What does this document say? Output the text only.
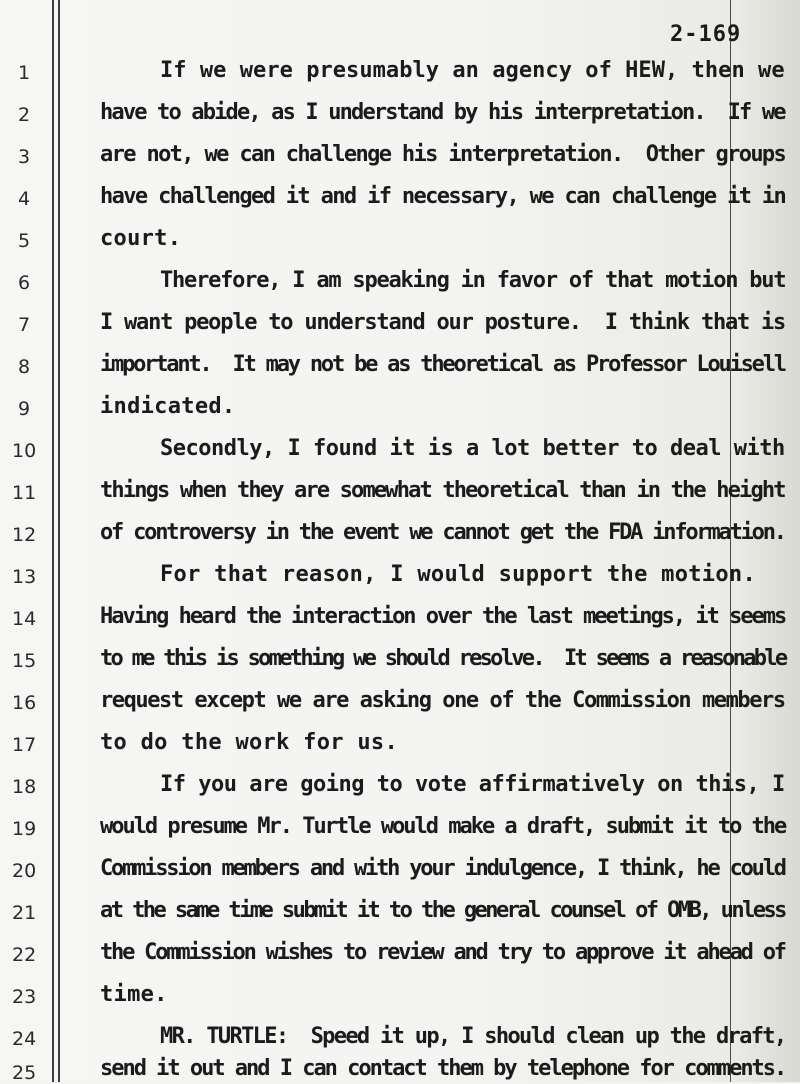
2-169
1
2
3
4
5
6
7
8
9
10
11
12
13
14
15
16
17
18
19
20
21
22
23
24
25
If we were presumably an agency of HEW, then we
have to abide, as I understand by his interpretation.  If we
are not, we can challenge his interpretation.  Other groups
have challenged it and if necessary, we can challenge it in
court.
Therefore, I am speaking in favor of that motion but
I want people to understand our posture.  I think that is
important.  It may not be as theoretical as Professor Louisell
indicated.
Secondly, I found it is a lot better to deal with
things when they are somewhat theoretical than in the height
of controversy in the event we cannot get the FDA information.
For that reason, I would support the motion.
Having heard the interaction over the last meetings, it seems
to me this is something we should resolve.  It seems a reasonable
request except we are asking one of the Commission members
to do the work for us.
If you are going to vote affirmatively on this, I
would presume Mr. Turtle would make a draft, submit it to the
Commission members and with your indulgence, I think, he could
at the same time submit it to the general counsel of OMB, unless
the Commission wishes to review and try to approve it ahead of
time.
MR. TURTLE:  Speed it up, I should clean up the draft,
send it out and I can contact them by telephone for comments.
